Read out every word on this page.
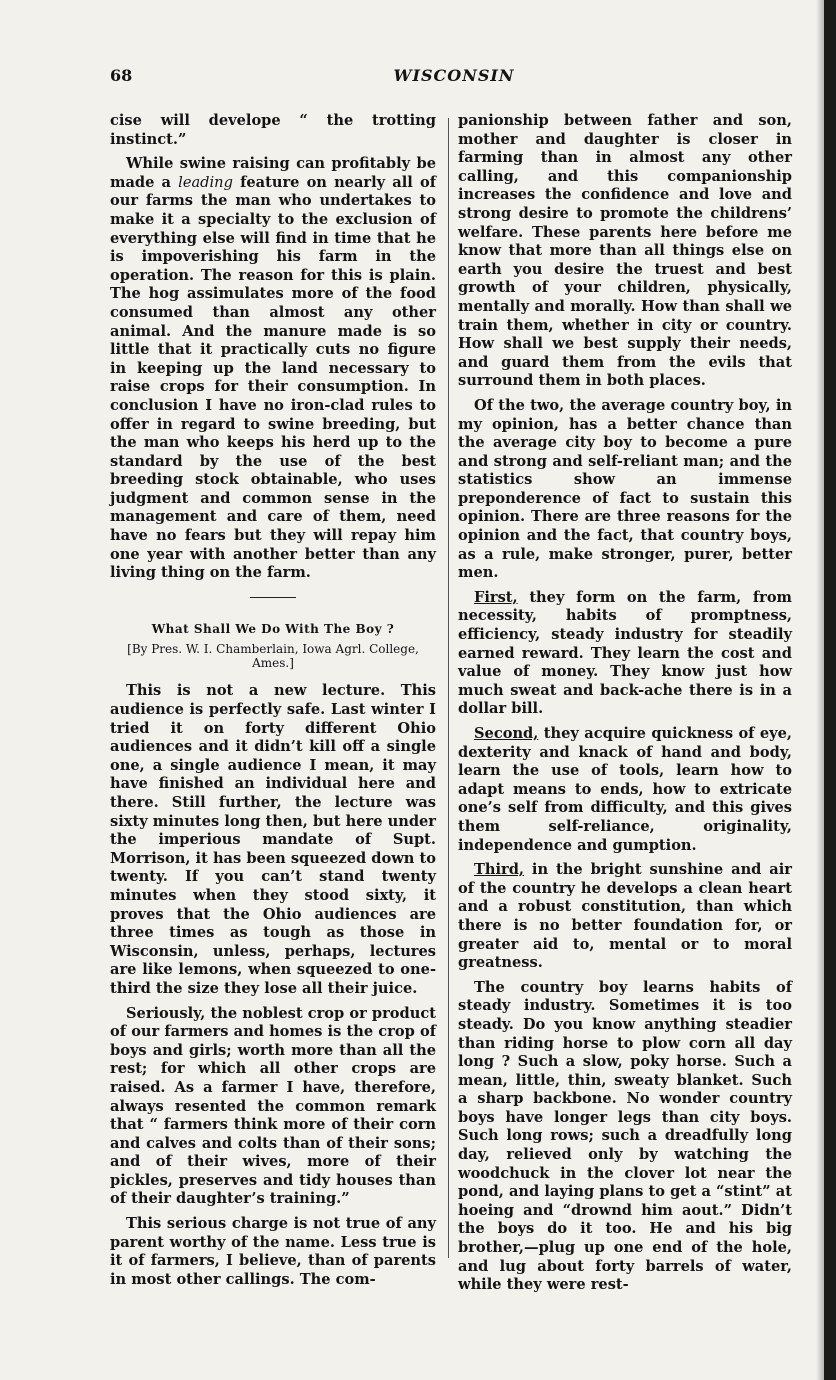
68	WISCONSIN

cise will develope “ the trotting instinct.”

While swine raising can profitably be made a leading feature on nearly all of our farms the man who undertakes to make it a specialty to the exclusion of everything else will find in time that he is impoverishing his farm in the operation. The reason for this is plain. The hog assimulates more of the food consumed than almost any other animal. And the manure made is so little that it practically cuts no figure in keeping up the land necessary to raise crops for their consumption. In conclusion I have no iron-clad rules to offer in regard to swine breeding, but the man who keeps his herd up to the standard by the use of the best breeding stock obtainable, who uses judgment and common sense in the management and care of them, need have no fears but they will repay him one year with another better than any living thing on the farm.

What Shall We Do With The Boy ?

[By Pres. W. I. Chamberlain, Iowa Agrl. College, Ames.]

This is not a new lecture. This audience is perfectly safe. Last winter I tried it on forty different Ohio audiences and it didn’t kill off a single one, a single audience I mean, it may have finished an individual here and there. Still further, the lecture was sixty minutes long then, but here under the imperious mandate of Supt. Morrison, it has been squeezed down to twenty. If you can’t stand twenty minutes when they stood sixty, it proves that the Ohio audiences are three times as tough as those in Wisconsin, unless, perhaps, lectures are like lemons, when squeezed to one-third the size they lose all their juice.

Seriously, the noblest crop or product of our farmers and homes is the crop of boys and girls; worth more than all the rest; for which all other crops are raised. As a farmer I have, therefore, always resented the common remark that “ farmers think more of their corn and calves and colts than of their sons; and of their wives, more of their pickles, preserves and tidy houses than of their daughter’s training.”

This serious charge is not true of any parent worthy of the name. Less true is it of farmers, I believe, than of parents in most other callings. The com-

panionship between father and son, mother and daughter is closer in farming than in almost any other calling, and this companionship increases the confidence and love and strong desire to promote the childrens’ welfare. These parents here before me know that more than all things else on earth you desire the truest and best growth of your children, physically, mentally and morally. How than shall we train them, whether in city or country. How shall we best supply their needs, and guard them from the evils that surround them in both places.

Of the two, the average country boy, in my opinion, has a better chance than the average city boy to become a pure and strong and self-reliant man; and the statistics show an immense preponderence of fact to sustain this opinion. There are three reasons for the opinion and the fact, that country boys, as a rule, make stronger, purer, better men.

First, they form on the farm, from necessity, habits of promptness, efficiency, steady industry for steadily earned reward. They learn the cost and value of money. They know just how much sweat and back-ache there is in a dollar bill.

Second, they acquire quickness of eye, dexterity and knack of hand and body, learn the use of tools, learn how to adapt means to ends, how to extricate one’s self from difficulty, and this gives them self-reliance, originality, independence and gumption.

Third, in the bright sunshine and air of the country he develops a clean heart and a robust constitution, than which there is no better foundation for, or greater aid to, mental or to moral greatness.

The country boy learns habits of steady industry. Sometimes it is too steady. Do you know anything steadier than riding horse to plow corn all day long ? Such a slow, poky horse. Such a mean, little, thin, sweaty blanket. Such a sharp backbone. No wonder country boys have longer legs than city boys. Such long rows; such a dreadfully long day, relieved only by watching the woodchuck in the clover lot near the pond, and laying plans to get a “stint” at hoeing and “drownd him aout.” Didn’t the boys do it too. He and his big brother,—plug up one end of the hole, and lug about forty barrels of water, while they were rest-
